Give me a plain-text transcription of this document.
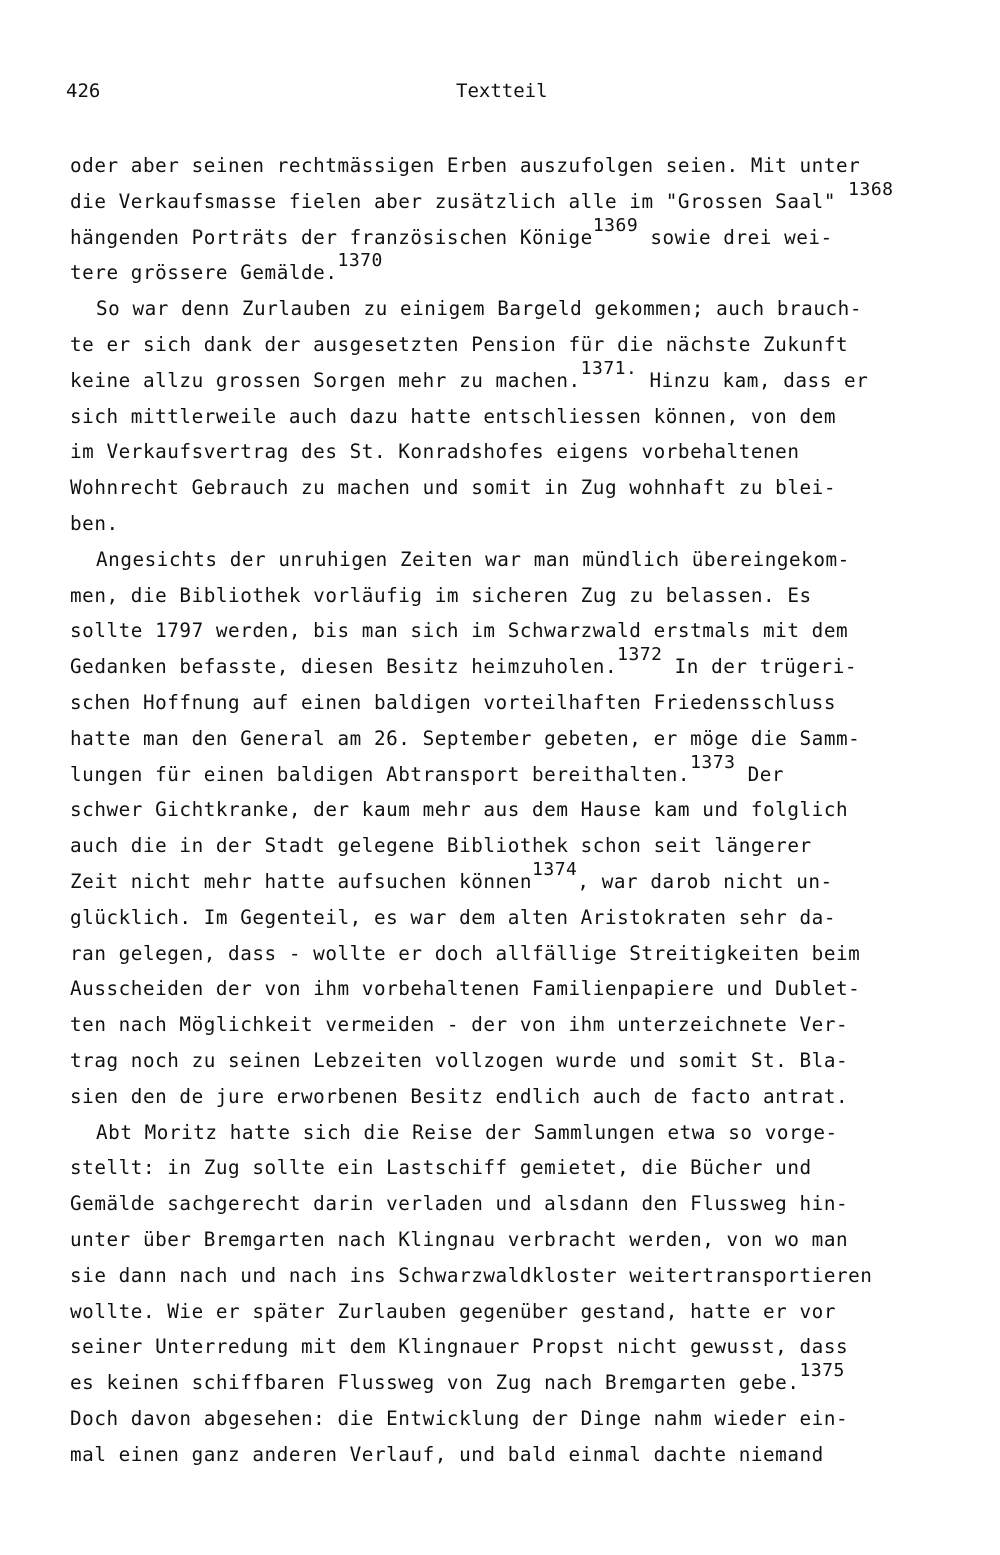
426	Textteil
oder aber seinen rechtmässigen Erben auszufolgen seien. Mit unter
die Verkaufsmasse fielen aber zusätzlich alle im "Grossen Saal" 1368
hängenden Porträts der französischen Könige1369 sowie drei wei-
tere grössere Gemälde.1370
So war denn Zurlauben zu einigem Bargeld gekommen; auch brauch-
te er sich dank der ausgesetzten Pension für die nächste Zukunft
keine allzu grossen Sorgen mehr zu machen.1371. Hinzu kam, dass er
sich mittlerweile auch dazu hatte entschliessen können, von dem
im Verkaufsvertrag des St. Konradshofes eigens vorbehaltenen
Wohnrecht Gebrauch zu machen und somit in Zug wohnhaft zu blei-
ben.
Angesichts der unruhigen Zeiten war man mündlich übereingekom-
men, die Bibliothek vorläufig im sicheren Zug zu belassen. Es
sollte 1797 werden, bis man sich im Schwarzwald erstmals mit dem
Gedanken befasste, diesen Besitz heimzuholen.1372 In der trügeri-
schen Hoffnung auf einen baldigen vorteilhaften Friedensschluss
hatte man den General am 26. September gebeten, er möge die Samm-
lungen für einen baldigen Abtransport bereithalten.1373 Der
schwer Gichtkranke, der kaum mehr aus dem Hause kam und folglich
auch die in der Stadt gelegene Bibliothek schon seit längerer
Zeit nicht mehr hatte aufsuchen können1374, war darob nicht un-
glücklich. Im Gegenteil, es war dem alten Aristokraten sehr da-
ran gelegen, dass - wollte er doch allfällige Streitigkeiten beim
Ausscheiden der von ihm vorbehaltenen Familienpapiere und Dublet-
ten nach Möglichkeit vermeiden - der von ihm unterzeichnete Ver-
trag noch zu seinen Lebzeiten vollzogen wurde und somit St. Bla-
sien den de jure erworbenen Besitz endlich auch de facto antrat.
Abt Moritz hatte sich die Reise der Sammlungen etwa so vorge-
stellt: in Zug sollte ein Lastschiff gemietet, die Bücher und
Gemälde sachgerecht darin verladen und alsdann den Flussweg hin-
unter über Bremgarten nach Klingnau verbracht werden, von wo man
sie dann nach und nach ins Schwarzwaldkloster weitertransportieren
wollte. Wie er später Zurlauben gegenüber gestand, hatte er vor
seiner Unterredung mit dem Klingnauer Propst nicht gewusst, dass
es keinen schiffbaren Flussweg von Zug nach Bremgarten gebe.1375
Doch davon abgesehen: die Entwicklung der Dinge nahm wieder ein-
mal einen ganz anderen Verlauf, und bald einmal dachte niemand
